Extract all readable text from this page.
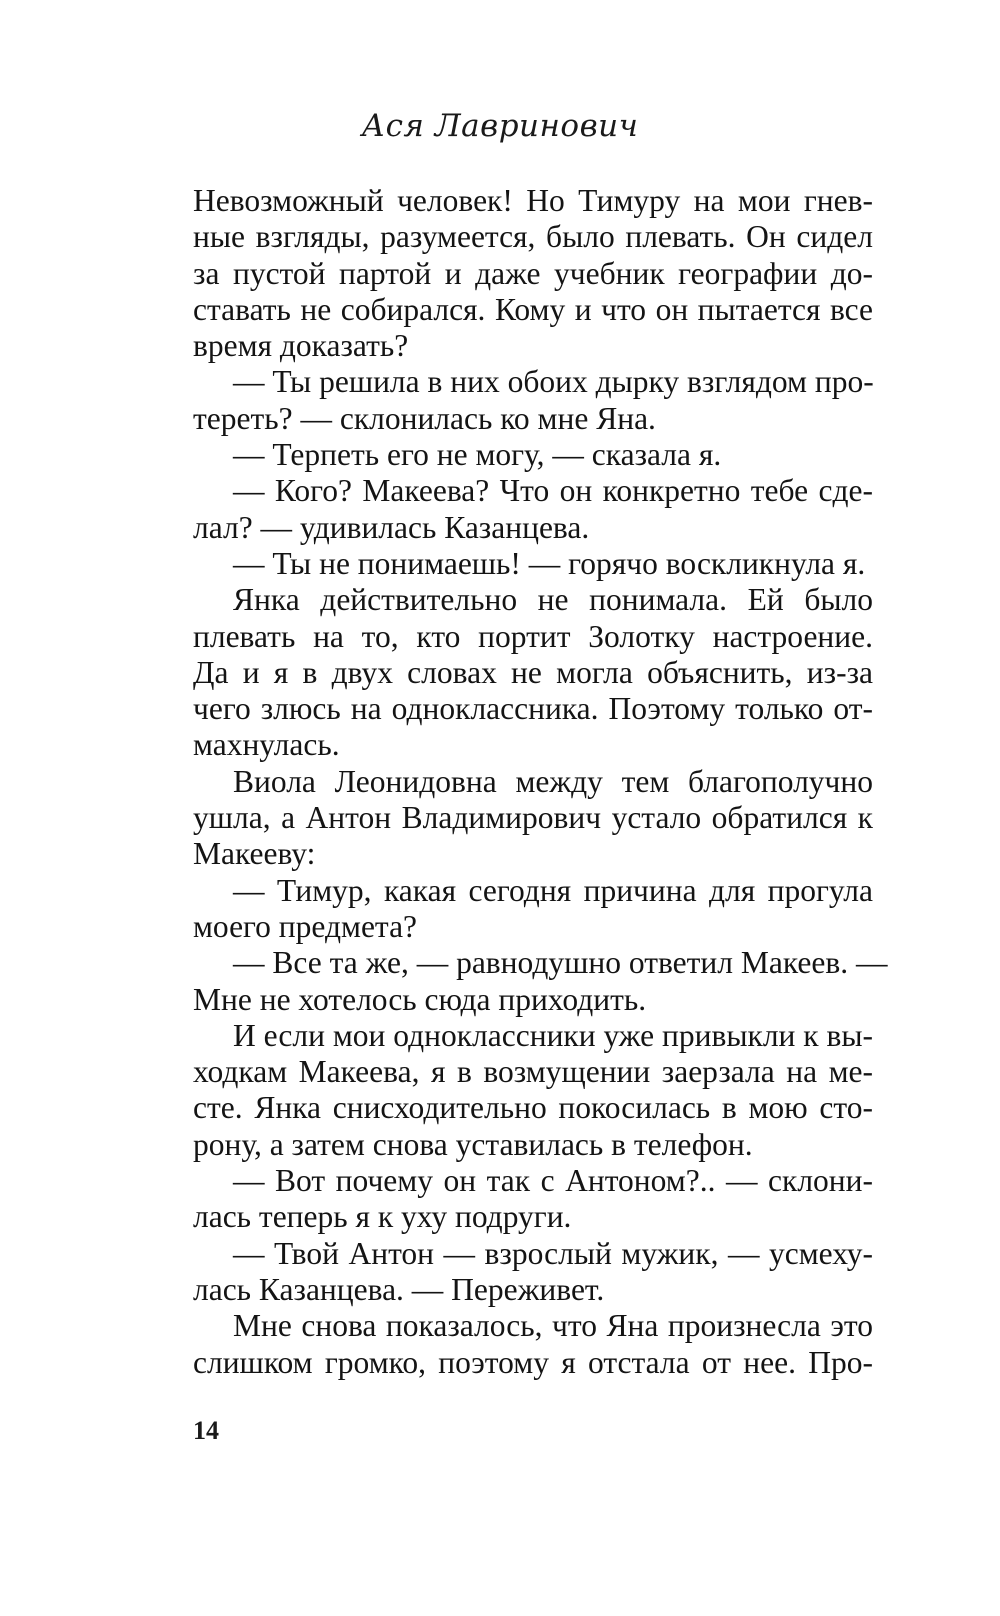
Ася Лавринович
Невозможный человек! Но Тимуру на мои гнев-
ные взгляды, разумеется, было плевать. Он сидел
за пустой партой и даже учебник географии до-
ставать не собирался. Кому и что он пытается все
время доказать?
— Ты решила в них обоих дырку взглядом про-
тереть? — склонилась ко мне Яна.
— Терпеть его не могу, — сказала я.
— Кого? Макеева? Что он конкретно тебе сде-
лал? — удивилась Казанцева.
— Ты не понимаешь! — горячо воскликнула я.
Янка действительно не понимала. Ей было
плевать на то, кто портит Золотку настроение.
Да и я в двух словах не могла объяснить, из-за
чего злюсь на одноклассника. Поэтому только от-
махнулась.
Виола Леонидовна между тем благополучно
ушла, а Антон Владимирович устало обратился к
Макееву:
— Тимур, какая сегодня причина для прогула
моего предмета?
— Все та же, — равнодушно ответил Макеев. —
Мне не хотелось сюда приходить.
И если мои одноклассники уже привыкли к вы-
ходкам Макеева, я в возмущении заерзала на ме-
сте. Янка снисходительно покосилась в мою сто-
рону, а затем снова уставилась в телефон.
— Вот почему он так с Антоном?.. — склони-
лась теперь я к уху подруги.
— Твой Антон — взрослый мужик, — усмеху-
лась Казанцева. — Переживет.
Мне снова показалось, что Яна произнесла это
слишком громко, поэтому я отстала от нее. Про-
14
